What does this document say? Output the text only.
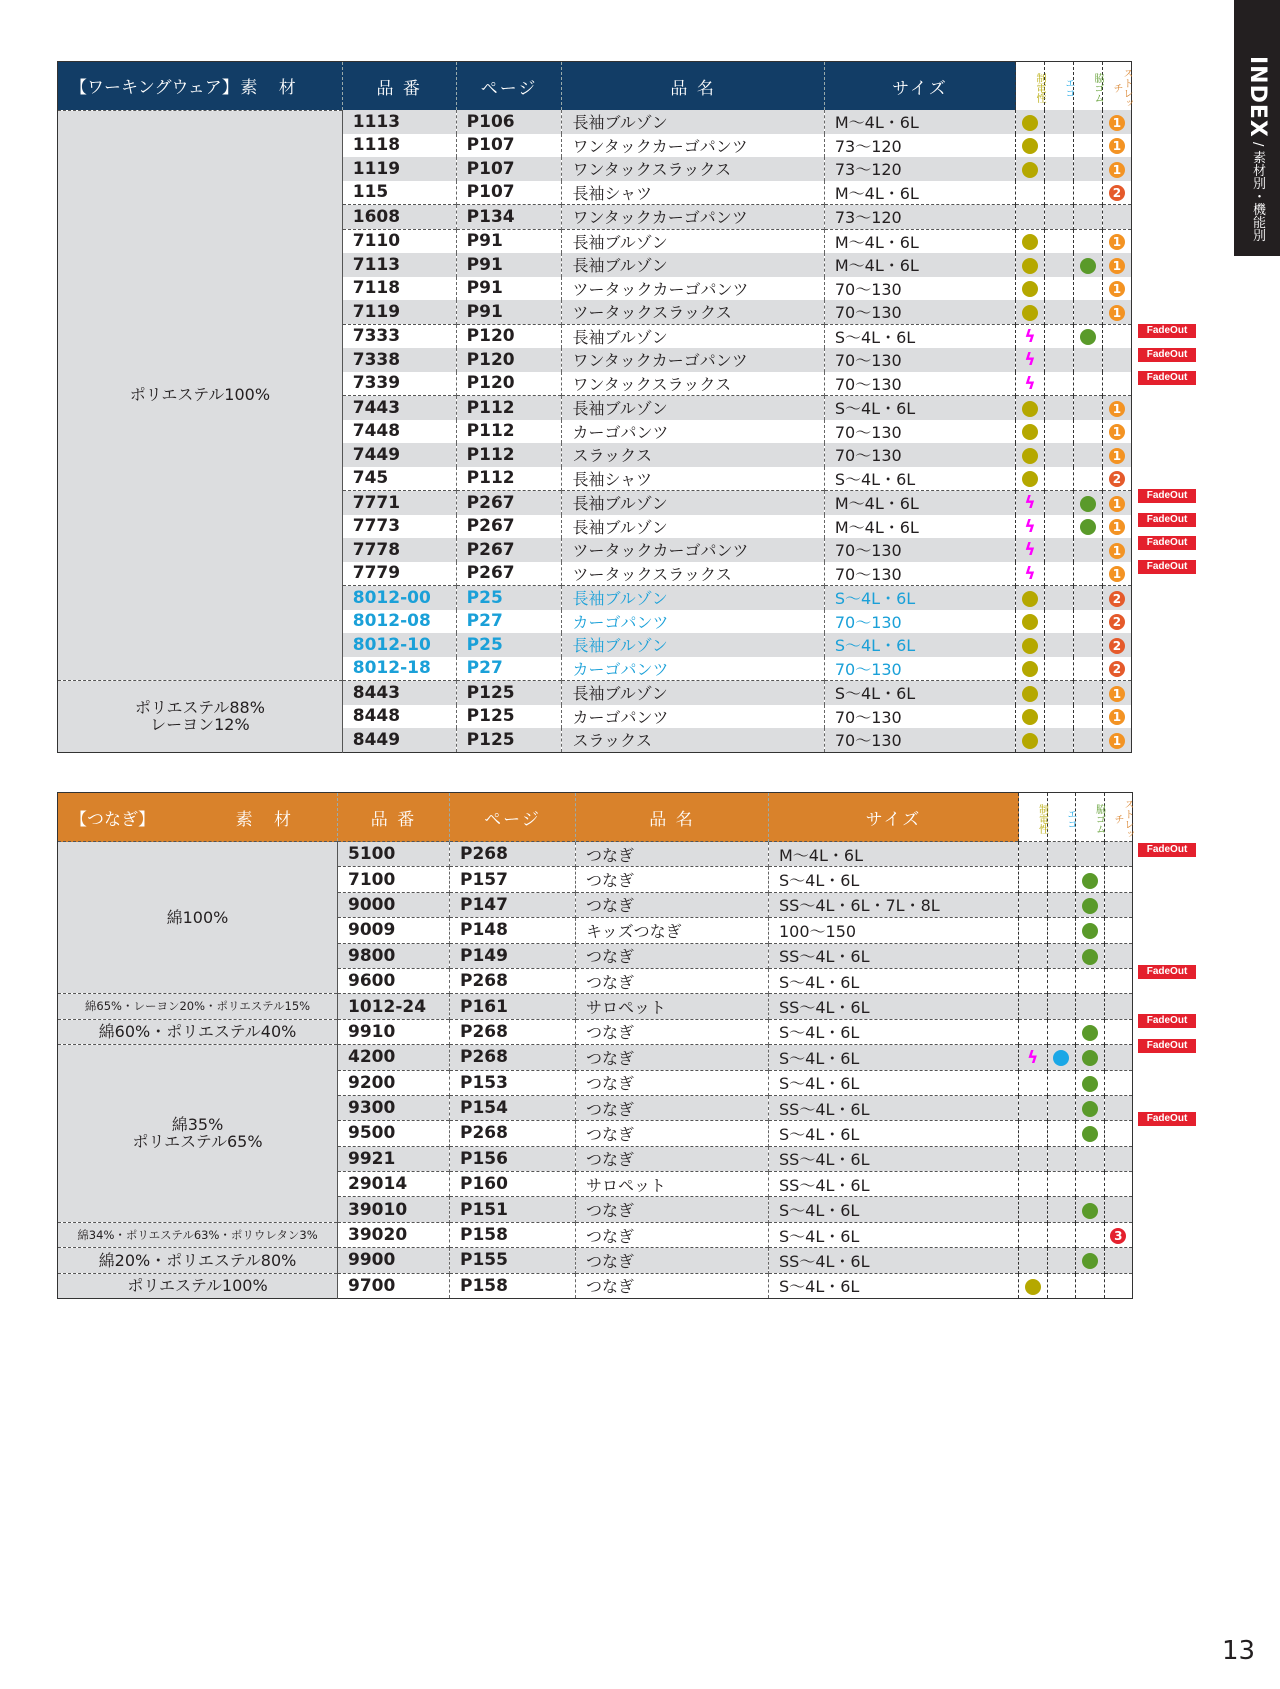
INDEX / 素材別・機能別
【ワーキングウェア】 素 材	品 番	ページ	品 名	サイズ	制電性	エコ	脇ゴム	ストレッチ

ポリエステル100%	1113	P106	長袖ブルゾン	M～4L・6L				1
	1118	P107	ワンタックカーゴパンツ	73～120				1
	1119	P107	ワンタックスラックス	73～120				1
	115	P107	長袖シャツ	M～4L・6L				2
	1608	P134	ワンタックカーゴパンツ	73～120				
	7110	P91	長袖ブルゾン	M～4L・6L				1
	7113	P91	長袖ブルゾン	M～4L・6L				1
	7118	P91	ツータックカーゴパンツ	70～130				1
	7119	P91	ツータックスラックス	70～130				1
	7333	P120	長袖ブルゾン	S～4L・6L	ϟ			
	7338	P120	ワンタックカーゴパンツ	70～130	ϟ			
	7339	P120	ワンタックスラックス	70～130	ϟ			
	7443	P112	長袖ブルゾン	S～4L・6L				1
	7448	P112	カーゴパンツ	70～130				1
	7449	P112	スラックス	70～130				1
	745	P112	長袖シャツ	S～4L・6L				2
	7771	P267	長袖ブルゾン	M～4L・6L	ϟ			1
	7773	P267	長袖ブルゾン	M～4L・6L	ϟ			1
	7778	P267	ツータックカーゴパンツ	70～130	ϟ			1
	7779	P267	ツータックスラックス	70～130	ϟ			1
	8012-00	P25	長袖ブルゾン	S～4L・6L				2
	8012-08	P27	カーゴパンツ	70～130				2
	8012-10	P25	長袖ブルゾン	S～4L・6L				2
	8012-18	P27	カーゴパンツ	70～130				2

ポリエステル88%
レーヨン12%	8443	P125	長袖ブルゾン	S～4L・6L				1
	8448	P125	カーゴパンツ	70～130				1
	8449	P125	スラックス	70～130				1
【つなぎ】 素 材	品 番	ページ	品 名	サイズ	制電性	エコ	脇ゴム	ストレッチ

綿100%	5100	P268	つなぎ	M～4L・6L				
	7100	P157	つなぎ	S～4L・6L				
	9000	P147	つなぎ	SS～4L・6L・7L・8L				
	9009	P148	キッズつなぎ	100～150				
	9800	P149	つなぎ	SS～4L・6L				
	9600	P268	つなぎ	S～4L・6L				

綿65%・レーヨン20%・ポリエステル15%	1012-24	P161	サロペット	SS～4L・6L				

綿60%・ポリエステル40%	9910	P268	つなぎ	S～4L・6L				

綿35%
ポリエステル65%	4200	P268	つなぎ	S～4L・6L	ϟ			
	9200	P153	つなぎ	S～4L・6L				
	9300	P154	つなぎ	SS～4L・6L				
	9500	P268	つなぎ	S～4L・6L				
	9921	P156	つなぎ	SS～4L・6L				
	29014	P160	サロペット	SS～4L・6L				
	39010	P151	つなぎ	S～4L・6L				

綿34%・ポリエステル63%・ポリウレタン3%	39020	P158	つなぎ	S～4L・6L				3

綿20%・ポリエステル80%	9900	P155	つなぎ	SS～4L・6L				

ポリエステル100%	9700	P158	つなぎ	S～4L・6L				
13
FadeOut
FadeOut
FadeOut
FadeOut
FadeOut
FadeOut
FadeOut
FadeOut
FadeOut
FadeOut
FadeOut
FadeOut
